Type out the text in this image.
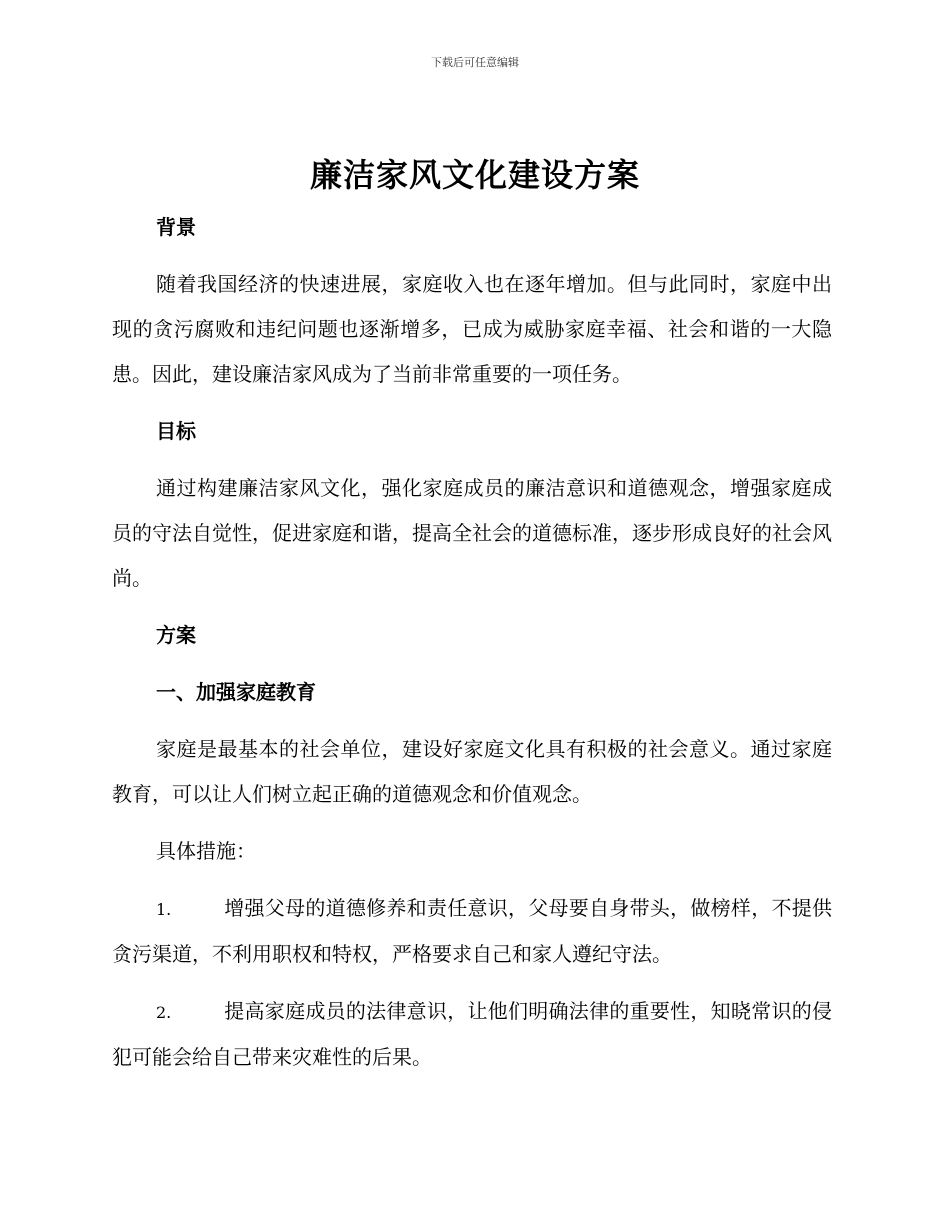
下载后可任意编辑
廉洁家风文化建设方案

背景

随着我国经济的快速进展，家庭收入也在逐年增加。但与此同时，家庭中出现的贪污腐败和违纪问题也逐渐增多，已成为威胁家庭幸福、社会和谐的一大隐患。因此，建设廉洁家风成为了当前非常重要的一项任务。

目标

通过构建廉洁家风文化，强化家庭成员的廉洁意识和道德观念，增强家庭成员的守法自觉性，促进家庭和谐，提高全社会的道德标准，逐步形成良好的社会风尚。

方案

一、加强家庭教育

家庭是最基本的社会单位，建设好家庭文化具有积极的社会意义。通过家庭教育，可以让人们树立起正确的道德观念和价值观念。

具体措施：

1.	增强父母的道德修养和责任意识，父母要自身带头，做榜样，不提供贪污渠道，不利用职权和特权，严格要求自己和家人遵纪守法。

2.	提高家庭成员的法律意识，让他们明确法律的重要性，知晓常识的侵犯可能会给自己带来灾难性的后果。
